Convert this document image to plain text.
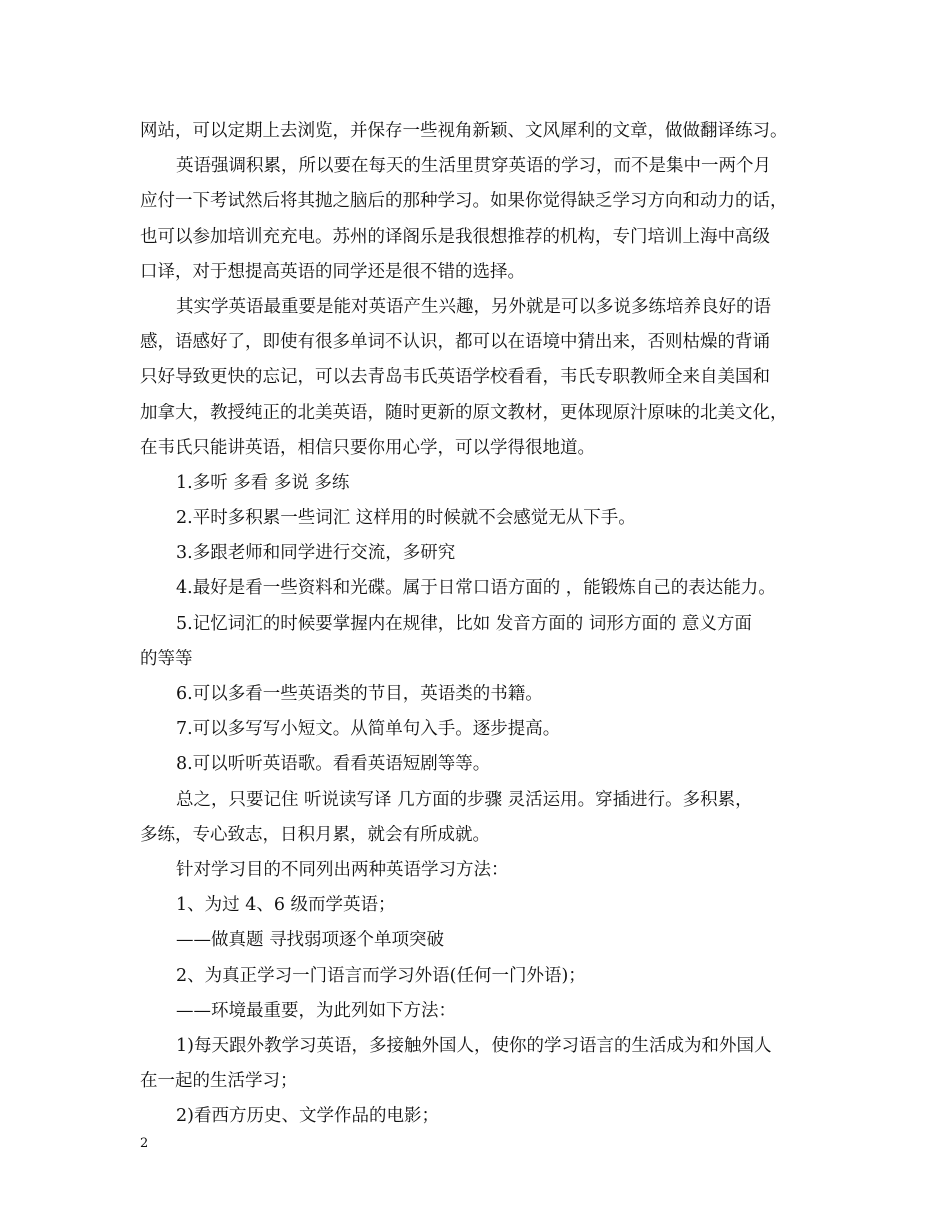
网站，可以定期上去浏览，并保存一些视角新颖、文风犀利的文章，做做翻译练习。
英语强调积累，所以要在每天的生活里贯穿英语的学习，而不是集中一两个月
应付一下考试然后将其抛之脑后的那种学习。如果你觉得缺乏学习方向和动力的话，
也可以参加培训充充电。苏州的译阁乐是我很想推荐的机构，专门培训上海中高级
口译，对于想提高英语的同学还是很不错的选择。
其实学英语最重要是能对英语产生兴趣，另外就是可以多说多练培养良好的语
感，语感好了，即使有很多单词不认识，都可以在语境中猜出来，否则枯燥的背诵
只好导致更快的忘记，可以去青岛韦氏英语学校看看，韦氏专职教师全来自美国和
加拿大，教授纯正的北美英语，随时更新的原文教材，更体现原汁原味的北美文化，
在韦氏只能讲英语，相信只要你用心学，可以学得很地道。
1.多听 多看 多说 多练
2.平时多积累一些词汇 这样用的时候就不会感觉无从下手。
3.多跟老师和同学进行交流，多研究
4.最好是看一些资料和光碟。属于日常口语方面的 ，能锻炼自己的表达能力。
5.记忆词汇的时候要掌握内在规律，比如 发音方面的 词形方面的 意义方面
的等等
6.可以多看一些英语类的节目，英语类的书籍。
7.可以多写写小短文。从简单句入手。逐步提高。
8.可以听听英语歌。看看英语短剧等等。
总之，只要记住 听说读写译 几方面的步骤 灵活运用。穿插进行。多积累，
多练，专心致志，日积月累，就会有所成就。
针对学习目的不同列出两种英语学习方法：
1、为过 4、6 级而学英语；
——做真题 寻找弱项逐个单项突破
2、为真正学习一门语言而学习外语(任何一门外语)；
——环境最重要，为此列如下方法：
1)每天跟外教学习英语，多接触外国人，使你的学习语言的生活成为和外国人
在一起的生活学习；
2)看西方历史、文学作品的电影；
2
